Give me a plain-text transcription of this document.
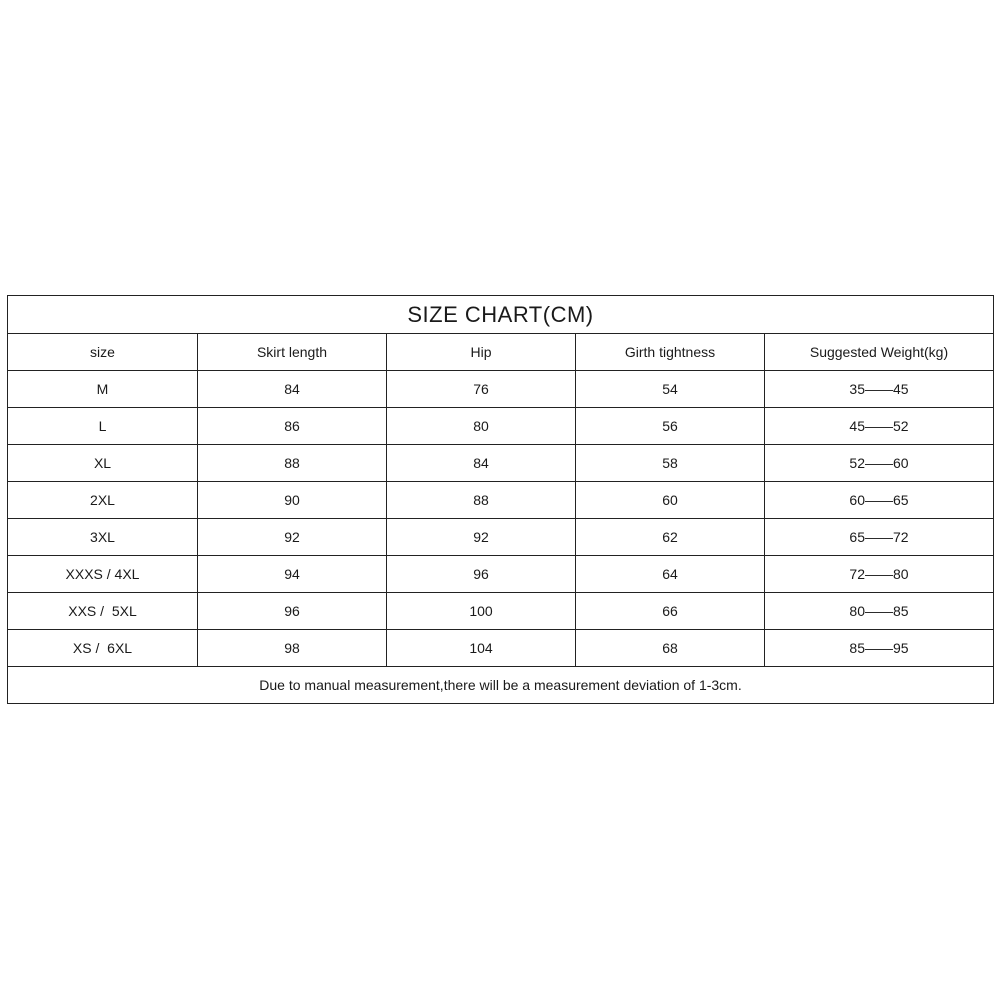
SIZE CHART(CM)				
size	Skirt length	Hip	Girth tightness	Suggested Weight(kg)
M	84	76	54	35——45
L	86	80	56	45——52
XL	88	84	58	52——60
2XL	90	88	60	60——65
3XL	92	92	62	65——72
XXXS / 4XL	94	96	64	72——80
XXS /  5XL	96	100	66	80——85
XS /  6XL	98	104	68	85——95
Due to manual measurement,there will be a measurement deviation of 1-3cm.				
